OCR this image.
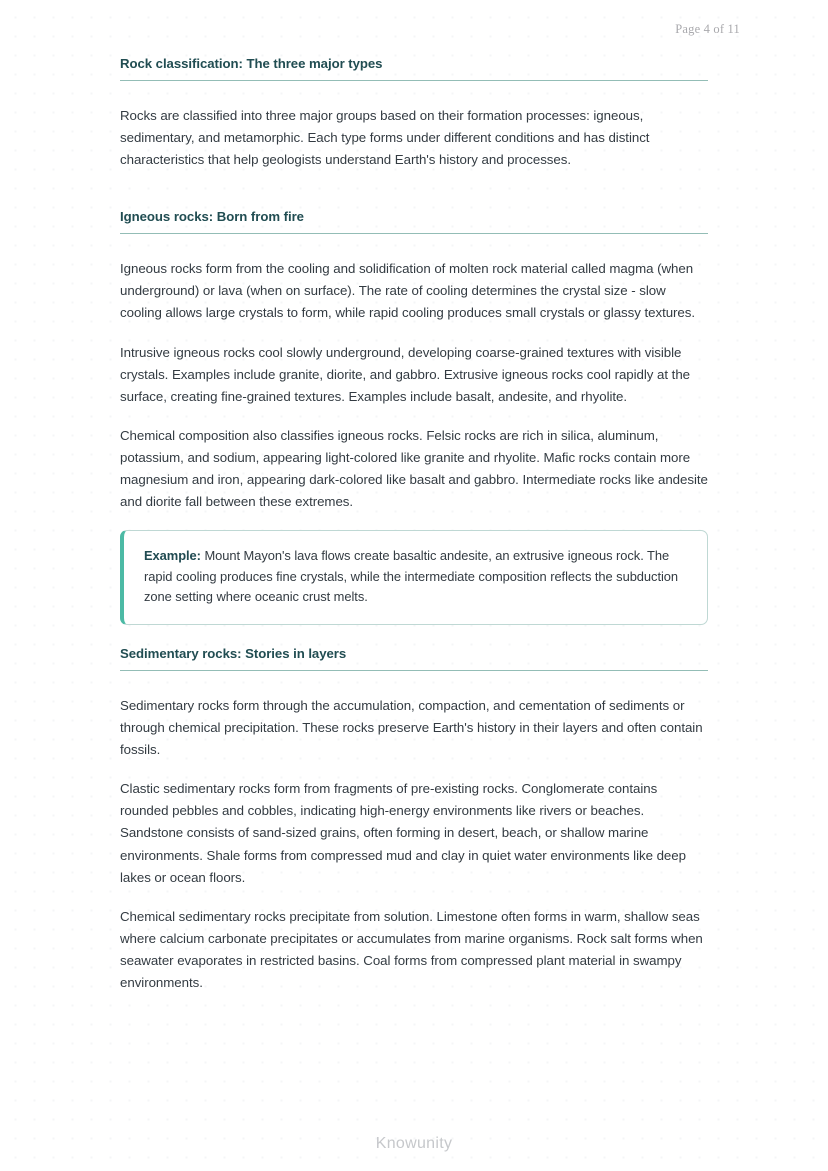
Page 4 of 11
Rock classification: The three major types

Rocks are classified into three major groups based on their formation processes: igneous, sedimentary, and metamorphic. Each type forms under different conditions and has distinct characteristics that help geologists understand Earth's history and processes.

Igneous rocks: Born from fire

Igneous rocks form from the cooling and solidification of molten rock material called magma (when underground) or lava (when on surface). The rate of cooling determines the crystal size - slow cooling allows large crystals to form, while rapid cooling produces small crystals or glassy textures.

Intrusive igneous rocks cool slowly underground, developing coarse-grained textures with visible crystals. Examples include granite, diorite, and gabbro. Extrusive igneous rocks cool rapidly at the surface, creating fine-grained textures. Examples include basalt, andesite, and rhyolite.

Chemical composition also classifies igneous rocks. Felsic rocks are rich in silica, aluminum, potassium, and sodium, appearing light-colored like granite and rhyolite. Mafic rocks contain more magnesium and iron, appearing dark-colored like basalt and gabbro. Intermediate rocks like andesite and diorite fall between these extremes.

Example: Mount Mayon's lava flows create basaltic andesite, an extrusive igneous rock. The rapid cooling produces fine crystals, while the intermediate composition reflects the subduction zone setting where oceanic crust melts.

Sedimentary rocks: Stories in layers

Sedimentary rocks form through the accumulation, compaction, and cementation of sediments or through chemical precipitation. These rocks preserve Earth's history in their layers and often contain fossils.

Clastic sedimentary rocks form from fragments of pre-existing rocks. Conglomerate contains rounded pebbles and cobbles, indicating high-energy environments like rivers or beaches. Sandstone consists of sand-sized grains, often forming in desert, beach, or shallow marine environments. Shale forms from compressed mud and clay in quiet water environments like deep lakes or ocean floors.

Chemical sedimentary rocks precipitate from solution. Limestone often forms in warm, shallow seas where calcium carbonate precipitates or accumulates from marine organisms. Rock salt forms when seawater evaporates in restricted basins. Coal forms from compressed plant material in swampy environments.

Knowunity
